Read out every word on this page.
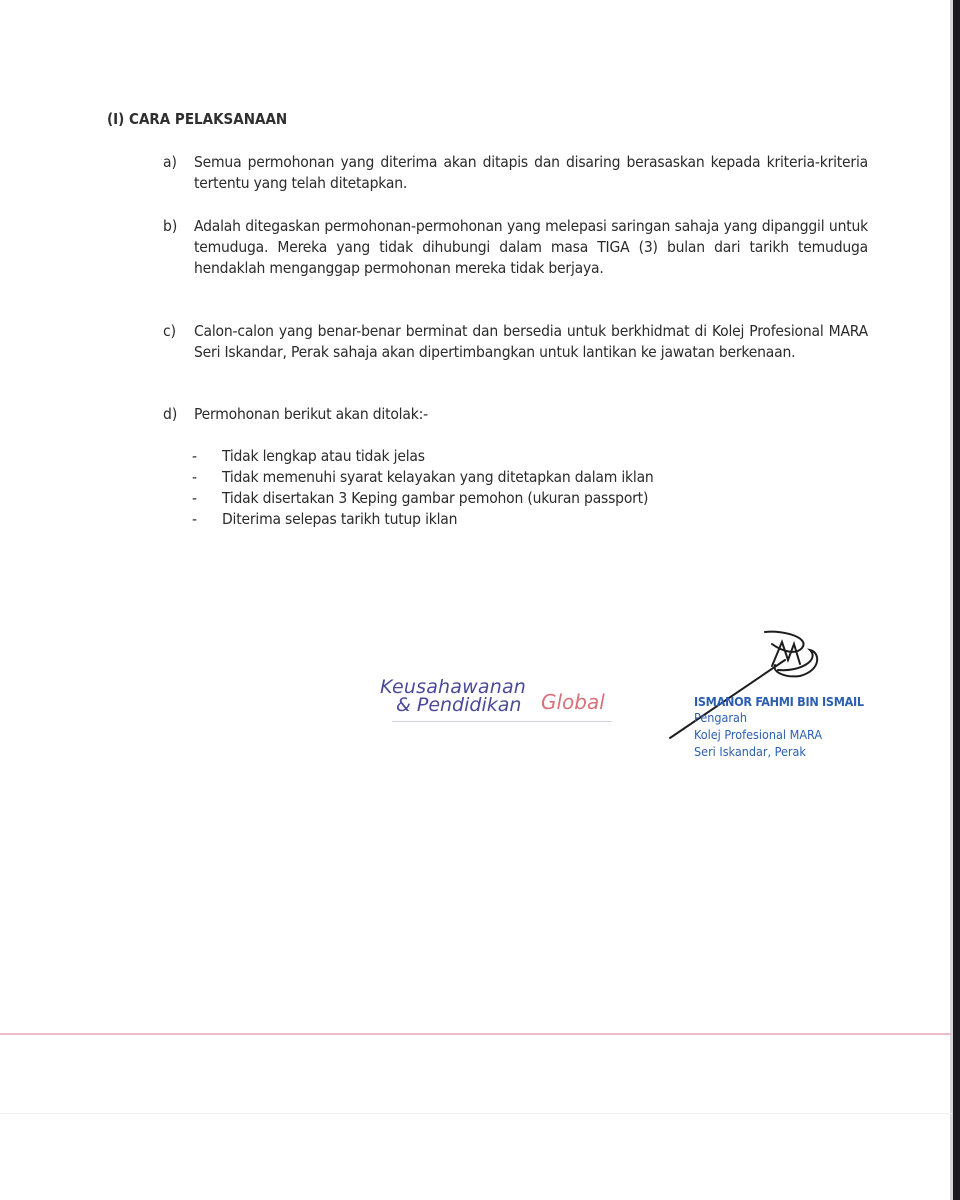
(I) CARA PELAKSANAAN
a)	Semua permohonan yang diterima akan ditapis dan disaring berasaskan kepada kriteria-kriteria tertentu yang telah ditetapkan.
b)	Adalah ditegaskan permohonan-permohonan yang melepasi saringan sahaja yang dipanggil untuk temuduga. Mereka yang tidak dihubungi dalam masa TIGA (3) bulan dari tarikh temuduga hendaklah menganggap permohonan mereka tidak berjaya.
c)	Calon-calon yang benar-benar berminat dan bersedia untuk berkhidmat di Kolej Profesional MARA Seri Iskandar, Perak sahaja akan dipertimbangkan untuk lantikan ke jawatan berkenaan.
d)	Permohonan berikut akan ditolak:-
- Tidak lengkap atau tidak jelas
- Tidak memenuhi syarat kelayakan yang ditetapkan dalam iklan
- Tidak disertakan 3 Keping gambar pemohon (ukuran passport)
- Diterima selepas tarikh tutup iklan
Keusahawanan
& Pendidikan Global	ISMANOR FAHMI BIN ISMAIL
Pengarah
Kolej Profesional MARA
Seri Iskandar, Perak
